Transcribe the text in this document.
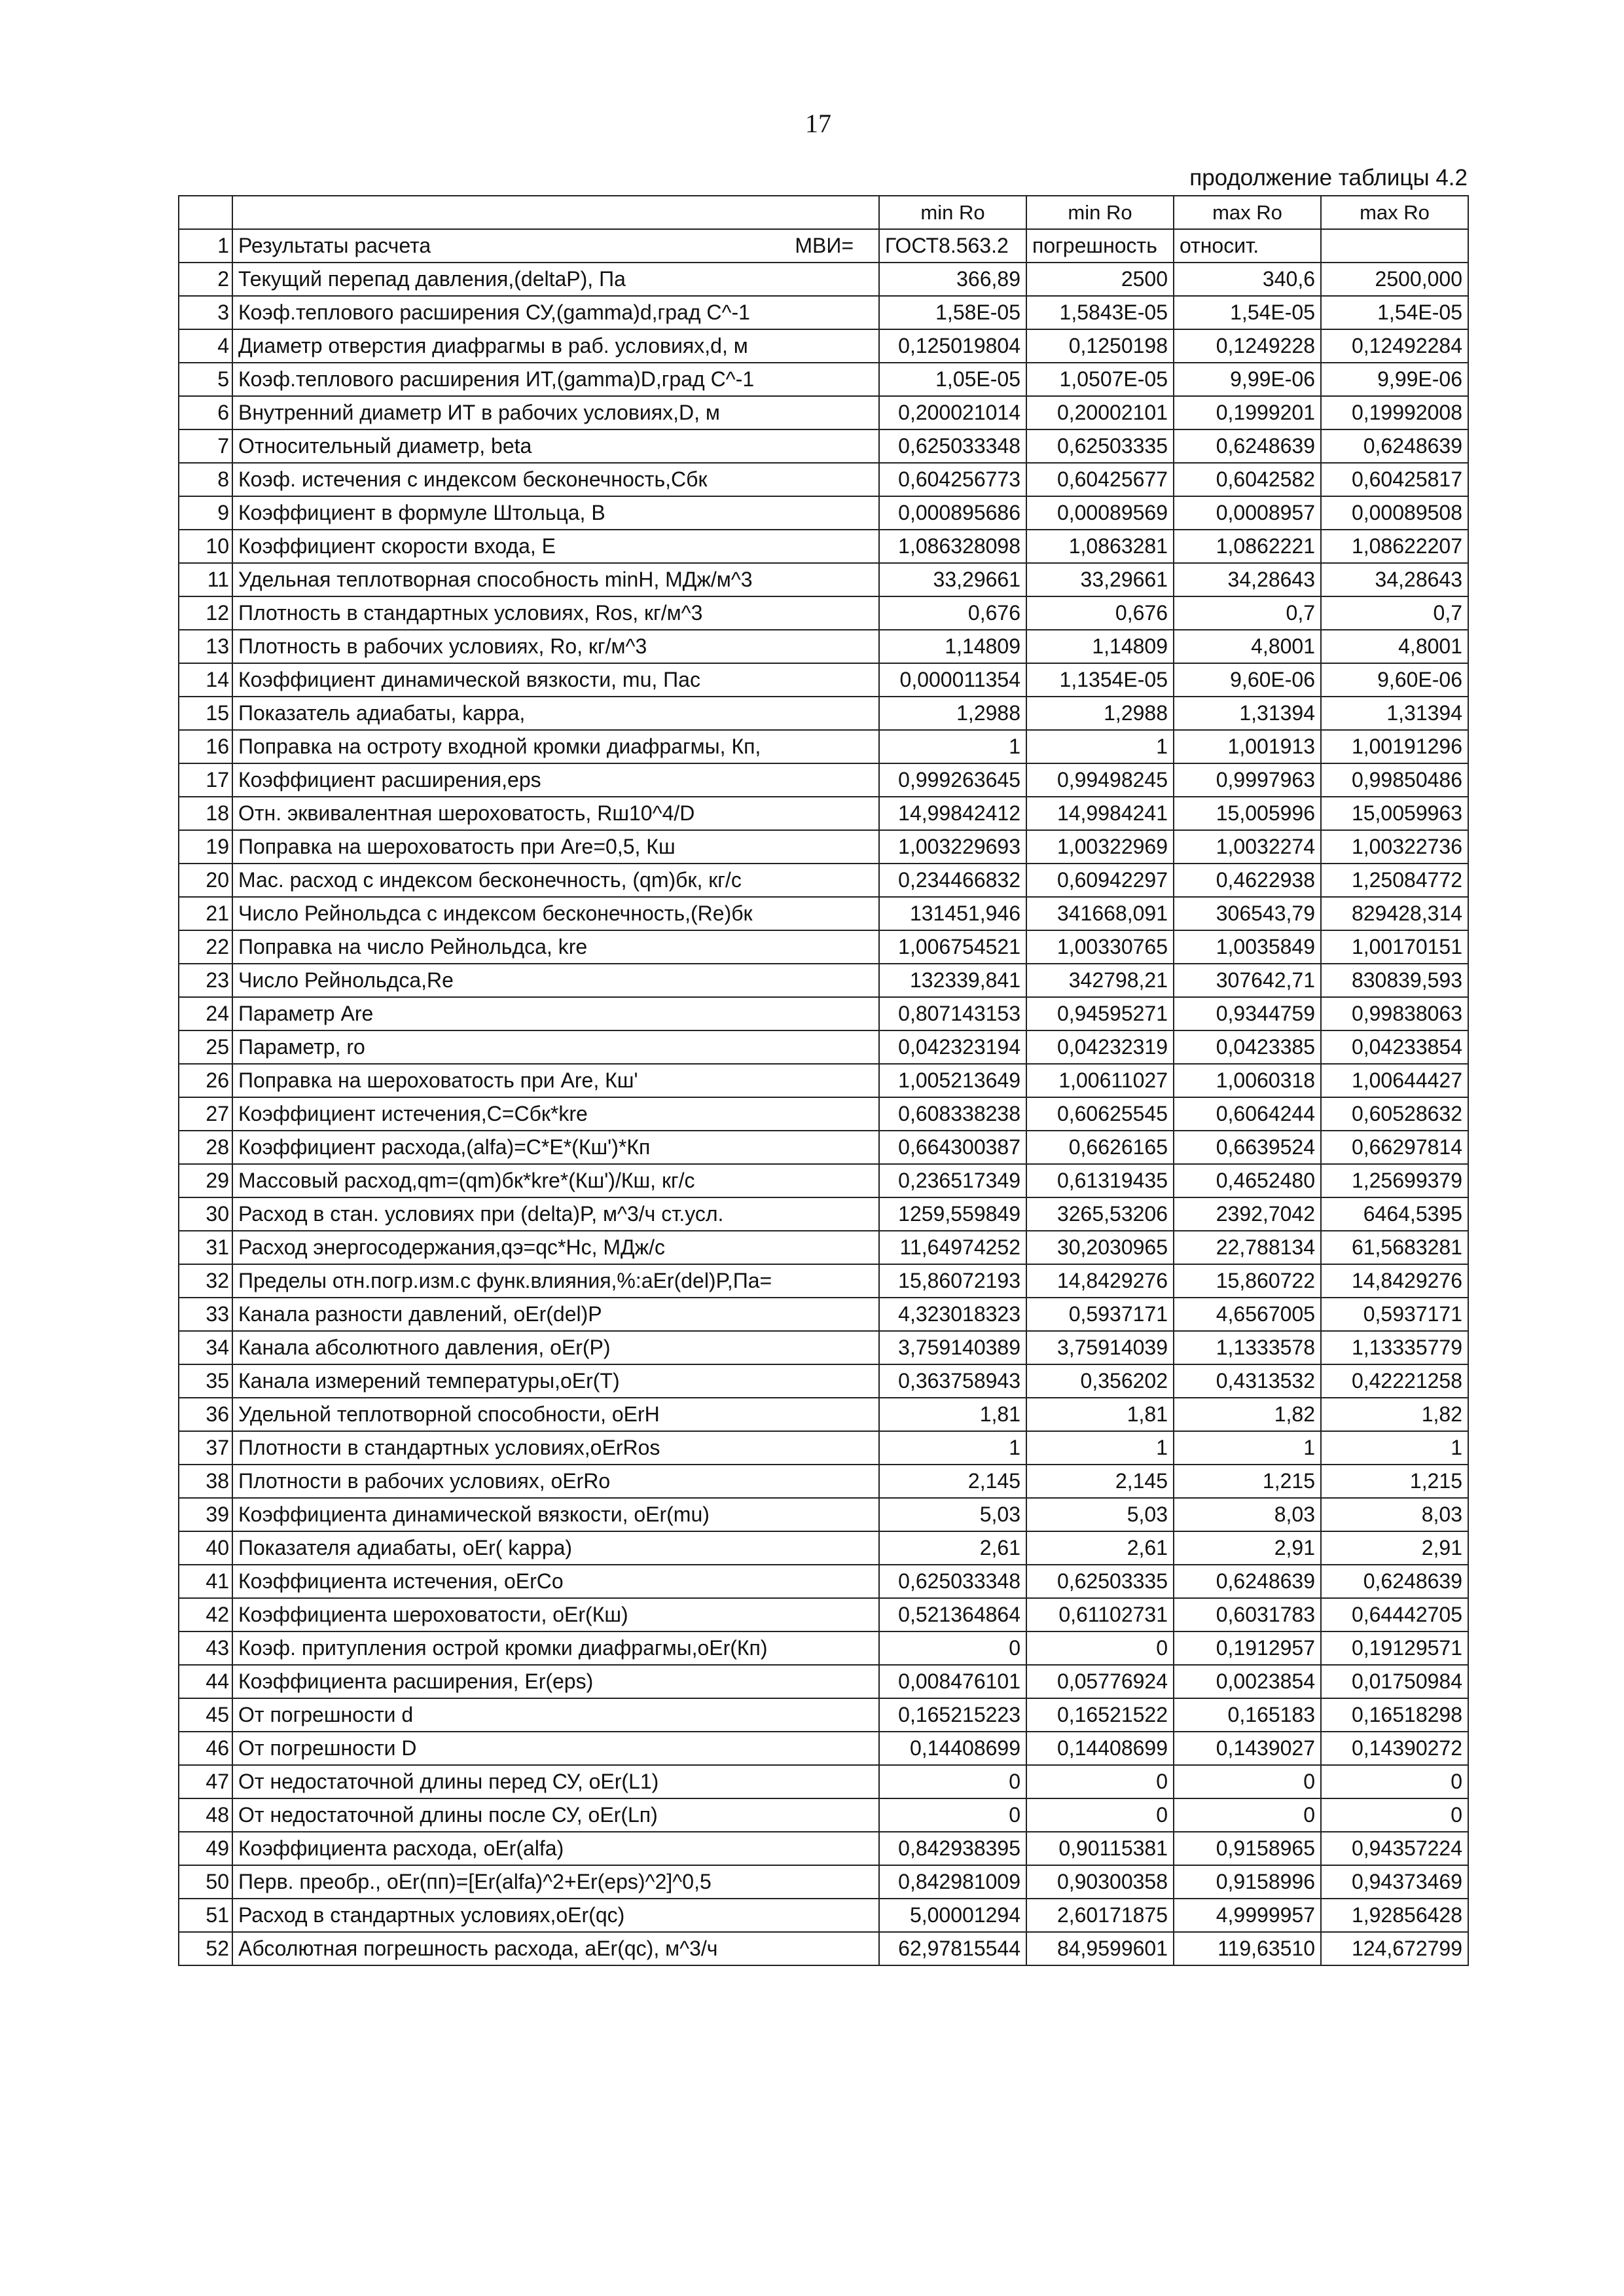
17
продолжение таблицы 4.2
		min Ro	min Ro	max Ro	max Ro
1	Результаты расчета МВИ=	ГОСТ8.563.2	погрешность	относит.	
2	Текущий перепад давления,(deltaP), Па	366,89	2500	340,6	2500,000
3	Коэф.теплового расширения СУ,(gamma)d,град С^-1	1,58E-05	1,5843E-05	1,54E-05	1,54E-05
4	Диаметр отверстия диафрагмы в раб. условиях,d, м	0,125019804	0,1250198	0,1249228	0,12492284
5	Коэф.теплового расширения ИТ,(gamma)D,град С^-1	1,05E-05	1,0507E-05	9,99E-06	9,99E-06
6	Внутренний диаметр ИТ в рабочих условиях,D, м	0,200021014	0,20002101	0,1999201	0,19992008
7	Относительный диаметр, beta	0,625033348	0,62503335	0,6248639	0,6248639
8	Коэф. истечения с индексом бесконечность,Сбк	0,604256773	0,60425677	0,6042582	0,60425817
9	Коэффициент в формуле Штольца, В	0,000895686	0,00089569	0,0008957	0,00089508
10	Коэффициент скорости входа, Е	1,086328098	1,0863281	1,0862221	1,08622207
11	Удельная теплотворная способность minH, МДж/м^3	33,29661	33,29661	34,28643	34,28643
12	Плотность в стандартных условиях, Ros, кг/м^3	0,676	0,676	0,7	0,7
13	Плотность в рабочих условиях, Ro, кг/м^3	1,14809	1,14809	4,8001	4,8001
14	Коэффициент динамической вязкости, mu, Пас	0,000011354	1,1354E-05	9,60E-06	9,60E-06
15	Показатель адиабаты, kappa,	1,2988	1,2988	1,31394	1,31394
16	Поправка на остроту входной кромки диафрагмы, Кп,	1	1	1,001913	1,00191296
17	Коэффициент расширения,eps	0,999263645	0,99498245	0,9997963	0,99850486
18	Отн. эквивалентная шероховатость, Rш10^4/D	14,99842412	14,9984241	15,005996	15,0059963
19	Поправка на шероховатость при Аre=0,5, Кш	1,003229693	1,00322969	1,0032274	1,00322736
20	Мас. расход с индексом бесконечность, (qm)бк, кг/с	0,234466832	0,60942297	0,4622938	1,25084772
21	Число Рейнольдса с индексом бесконечность,(Re)бк	131451,946	341668,091	306543,79	829428,314
22	Поправка на число Рейнольдса, kre	1,006754521	1,00330765	1,0035849	1,00170151
23	Число Рейнольдса,Re	132339,841	342798,21	307642,71	830839,593
24	Параметр Аre	0,807143153	0,94595271	0,9344759	0,99838063
25	Параметр, rо	0,042323194	0,04232319	0,0423385	0,04233854
26	Поправка на шероховатость при Аre, Кш'	1,005213649	1,00611027	1,0060318	1,00644427
27	Коэффициент истечения,С=Сбк*kre	0,608338238	0,60625545	0,6064244	0,60528632
28	Коэффициент расхода,(alfa)=C*E*(Кш')*Кп	0,664300387	0,6626165	0,6639524	0,66297814
29	Массовый расход,qm=(qm)бк*kre*(Кш')/Кш, кг/с	0,236517349	0,61319435	0,4652480	1,25699379
30	Расход в стан. условиях при (delta)P, м^3/ч ст.усл.	1259,559849	3265,53206	2392,7042	6464,5395
31	Расход энергосодержания,qэ=qc*Hc, МДж/с	11,64974252	30,2030965	22,788134	61,5683281
32	Пределы отн.погр.изм.с функ.влияния,%:aEr(del)P,Па=	15,86072193	14,8429276	15,860722	14,8429276
33	Канала разности давлений, оEr(del)P	4,323018323	0,5937171	4,6567005	0,5937171
34	Канала абсолютного давления, оEr(P)	3,759140389	3,75914039	1,1333578	1,13335779
35	Канала измерений температуры,оEr(T)	0,363758943	0,356202	0,4313532	0,42221258
36	Удельной теплотворной способности, оErH	1,81	1,81	1,82	1,82
37	Плотности в стандартных условиях,оErRos	1	1	1	1
38	Плотности в рабочих условиях, оErRo	2,145	2,145	1,215	1,215
39	Коэффициента динамической вязкости, оEr(mu)	5,03	5,03	8,03	8,03
40	Показателя адиабаты, оEr( kappa)	2,61	2,61	2,91	2,91
41	Коэффициента истечения, оErCo	0,625033348	0,62503335	0,6248639	0,6248639
42	Коэффициента шероховатости, оEr(Кш)	0,521364864	0,61102731	0,6031783	0,64442705
43	Коэф. притупления острой кромки диафрагмы,оEr(Кп)	0	0	0,1912957	0,19129571
44	Коэффициента расширения, Er(eps)	0,008476101	0,05776924	0,0023854	0,01750984
45	От погрешности d	0,165215223	0,16521522	0,165183	0,16518298
46	От погрешности D	0,14408699	0,14408699	0,1439027	0,14390272
47	От недостаточной длины перед СУ, оEr(L1)	0	0	0	0
48	От недостаточной длины после СУ, оEr(Lп)	0	0	0	0
49	Коэффициента расхода, оEr(alfa)	0,842938395	0,90115381	0,9158965	0,94357224
50	Перв. преобр., оEr(пп)=[Er(alfa)^2+Er(eps)^2]^0,5	0,842981009	0,90300358	0,9158996	0,94373469
51	Расход в стандартных условиях,оEr(qc)	5,00001294	2,60171875	4,9999957	1,92856428
52	Абсолютная погрешность расхода, aEr(qc), м^3/ч	62,97815544	84,9599601	119,63510	124,672799
